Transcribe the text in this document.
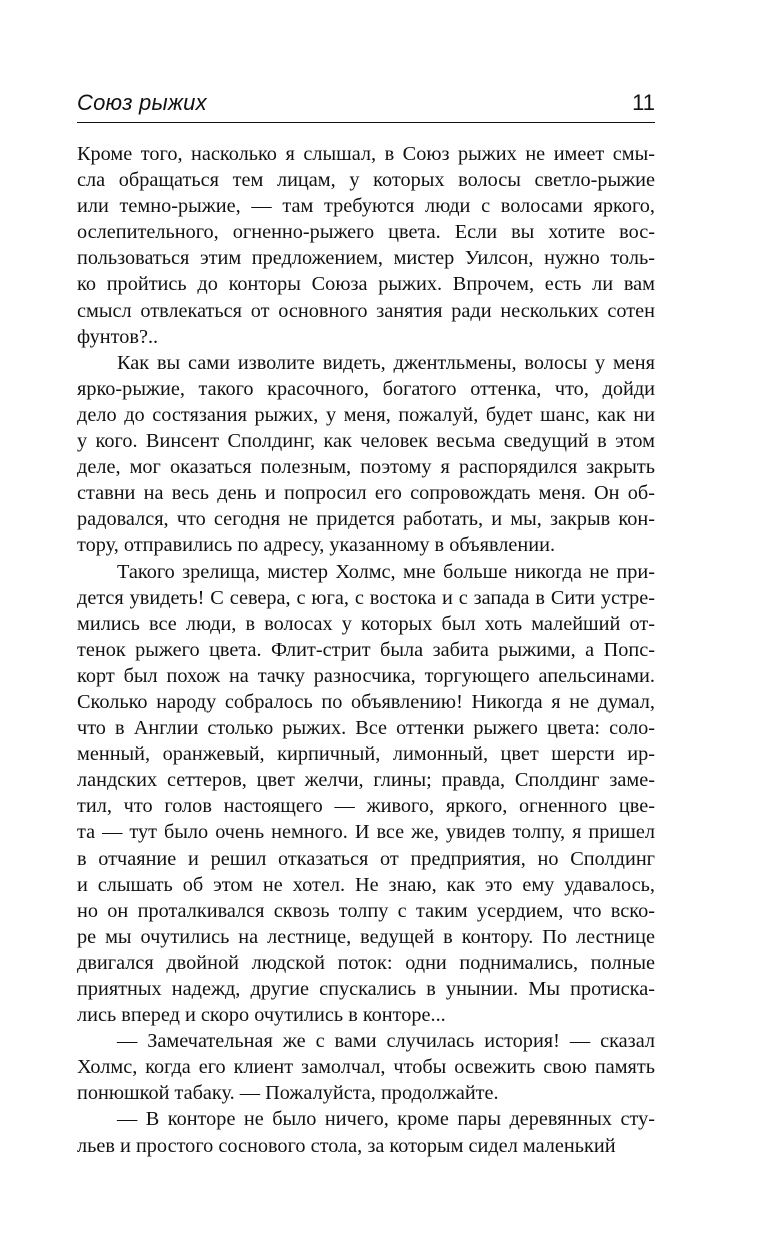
Союз рыжих	11
Кроме того, насколько я слышал, в Союз рыжих не имеет смы-
сла обращаться тем лицам, у которых волосы светло-рыжие
или темно-рыжие, — там требуются люди с волосами яркого,
ослепительного, огненно-рыжего цвета. Если вы хотите вос-
пользоваться этим предложением, мистер Уилсон, нужно толь-
ко пройтись до конторы Союза рыжих. Впрочем, есть ли вам
смысл отвлекаться от основного занятия ради нескольких сотен
фунтов?..
Как вы сами изволите видеть, джентльмены, волосы у меня
ярко-рыжие, такого красочного, богатого оттенка, что, дойди
дело до состязания рыжих, у меня, пожалуй, будет шанс, как ни
у кого. Винсент Сполдинг, как человек весьма сведущий в этом
деле, мог оказаться полезным, поэтому я распорядился закрыть
ставни на весь день и попросил его сопровождать меня. Он об-
радовался, что сегодня не придется работать, и мы, закрыв кон-
тору, отправились по адресу, указанному в объявлении.
Такого зрелища, мистер Холмс, мне больше никогда не при-
дется увидеть! С севера, с юга, с востока и с запада в Сити устре-
мились все люди, в волосах у которых был хоть малейший от-
тенок рыжего цвета. Флит-стрит была забита рыжими, а Попс-
корт был похож на тачку разносчика, торгующего апельсинами.
Сколько народу собралось по объявлению! Никогда я не думал,
что в Англии столько рыжих. Все оттенки рыжего цвета: соло-
менный, оранжевый, кирпичный, лимонный, цвет шерсти ир-
ландских сеттеров, цвет желчи, глины; правда, Сполдинг заме-
тил, что голов настоящего — живого, яркого, огненного цве-
та — тут было очень немного. И все же, увидев толпу, я пришел
в отчаяние и решил отказаться от предприятия, но Сполдинг
и слышать об этом не хотел. Не знаю, как это ему удавалось,
но он проталкивался сквозь толпу с таким усердием, что вско-
ре мы очутились на лестнице, ведущей в контору. По лестнице
двигался двойной людской поток: одни поднимались, полные
приятных надежд, другие спускались в унынии. Мы протиска-
лись вперед и скоро очутились в конторе...
— Замечательная же с вами случилась история! — сказал
Холмс, когда его клиент замолчал, чтобы освежить свою память
понюшкой табаку. — Пожалуйста, продолжайте.
— В конторе не было ничего, кроме пары деревянных сту-
льев и простого соснового стола, за которым сидел маленький
